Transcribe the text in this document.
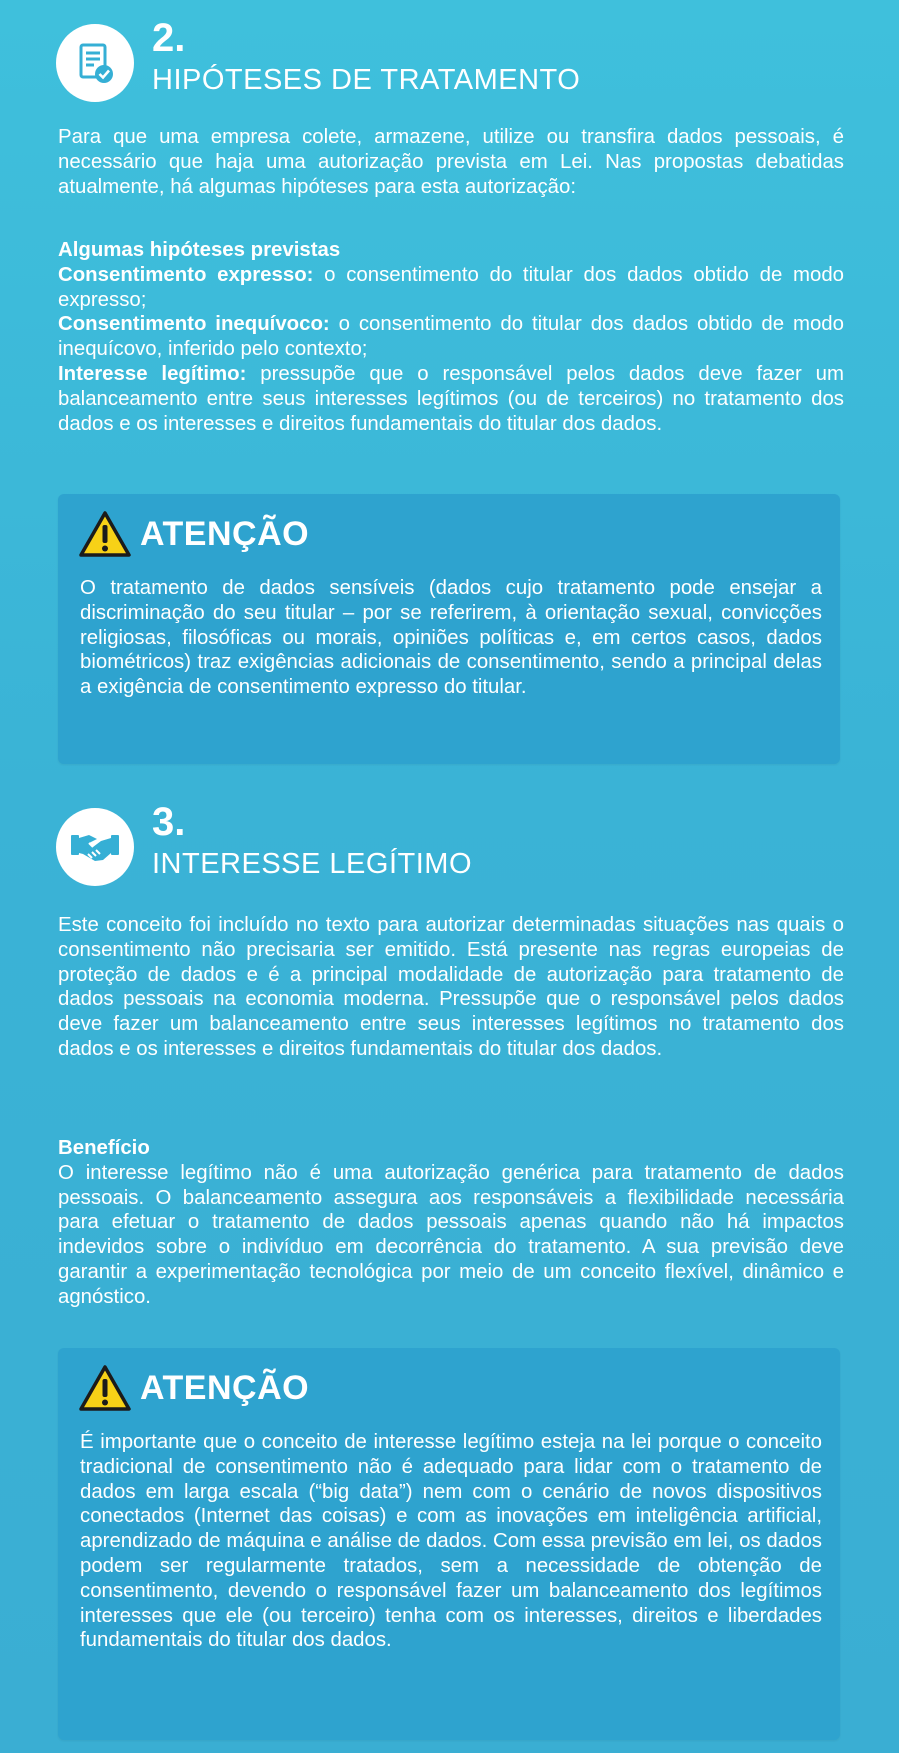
2.
HIPÓTESES DE TRATAMENTO

Para que uma empresa colete, armazene, utilize ou transfira dados pessoais, é necessário que haja uma autorização prevista em Lei. Nas propostas debatidas atualmente, há algumas hipóteses para esta autorização:

Algumas hipóteses previstas

Consentimento expresso: o consentimento do titular dos dados obtido de modo expresso;

Consentimento inequívoco: o consentimento do titular dos dados obtido de modo inequícovo, inferido pelo contexto;

Interesse legítimo: pressupõe que o responsável pelos dados deve fazer um balanceamento entre seus interesses legítimos (ou de terceiros) no tratamento dos dados e os interesses e direitos fundamentais do titular dos dados.

ATENÇÃO

O tratamento de dados sensíveis (dados cujo tratamento pode ensejar a discriminação do seu titular – por se referirem, à orientação sexual, convicções religiosas, filosóficas ou morais, opiniões políticas e, em certos casos, dados biométricos) traz exigências adicionais de consentimento, sendo a principal delas a exigência de consentimento expresso do titular.

3.
INTERESSE LEGÍTIMO

Este conceito foi incluído no texto para autorizar determinadas situações nas quais o consentimento não precisaria ser emitido. Está presente nas regras europeias de proteção de dados e é a principal modalidade de autorização para tratamento de dados pessoais na economia moderna. Pressupõe que o responsável pelos dados deve fazer um balanceamento entre seus interesses legítimos no tratamento dos dados e os interesses e direitos fundamentais do titular dos dados.

Benefício

O interesse legítimo não é uma autorização genérica para tratamento de dados pessoais. O balanceamento assegura aos responsáveis a flexibilidade necessária para efetuar o tratamento de dados pessoais apenas quando não há impactos indevidos sobre o indivíduo em decorrência do tratamento. A sua previsão deve garantir a experimentação tecnológica por meio de um conceito flexível, dinâmico e agnóstico.

ATENÇÃO

É importante que o conceito de interesse legítimo esteja na lei porque o conceito tradicional de consentimento não é adequado para lidar com o tratamento de dados em larga escala (“big data”) nem com o cenário de novos dispositivos conectados (Internet das coisas) e com as inovações em inteligência artificial, aprendizado de máquina e análise de dados. Com essa previsão em lei, os dados podem ser regularmente tratados, sem a necessidade de obtenção de consentimento, devendo o responsável fazer um balanceamento dos legítimos interesses que ele (ou terceiro) tenha com os interesses, direitos e liberdades fundamentais do titular dos dados.
